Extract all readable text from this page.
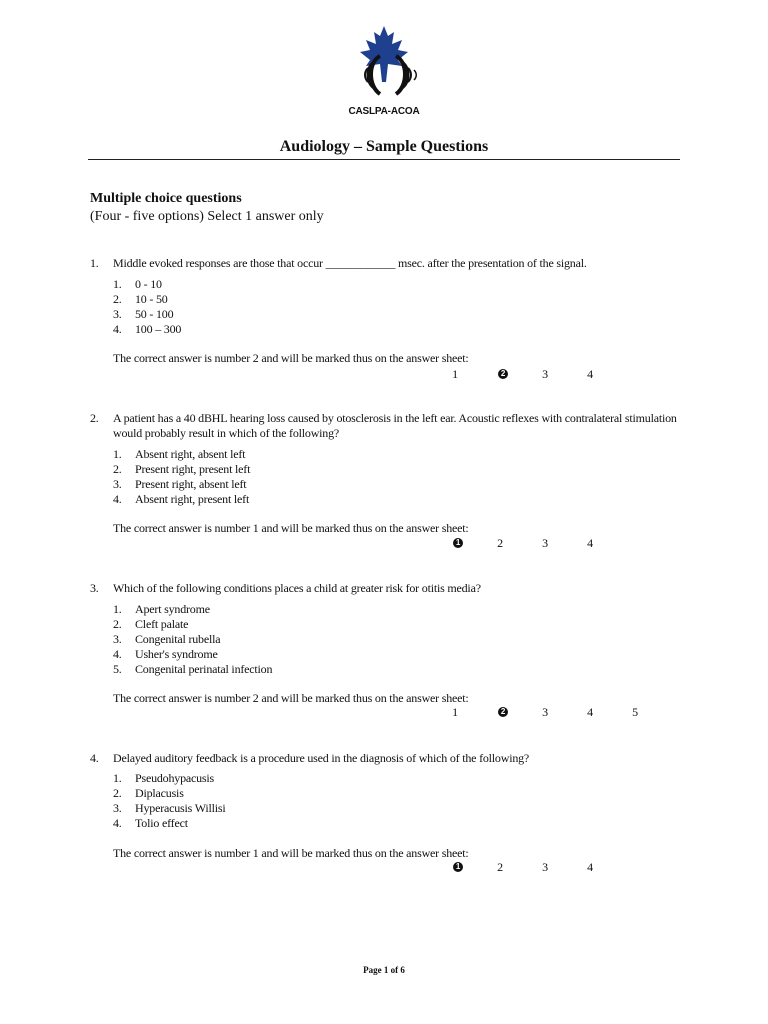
CASLPA-ACOA
Audiology – Sample Questions
Multiple choice questions
(Four - five options) Select 1 answer only
1. Middle evoked responses are those that occur ____________ msec. after the presentation of the signal.
1. 0 - 10
2. 10 - 50
3. 50 - 100
4. 100 – 300
The correct answer is number 2 and will be marked thus on the answer sheet:
1	2	3	4
2. A patient has a 40 dBHL hearing loss caused by otosclerosis in the left ear. Acoustic reflexes with contralateral stimulation would probably result in which of the following?
1. Absent right, absent left
2. Present right, present left
3. Present right, absent left
4. Absent right, present left
The correct answer is number 1 and will be marked thus on the answer sheet:
1	2	3	4
3. Which of the following conditions places a child at greater risk for otitis media?
1. Apert syndrome
2. Cleft palate
3. Congenital rubella
4. Usher's syndrome
5. Congenital perinatal infection
The correct answer is number 2 and will be marked thus on the answer sheet:
1	2	3	4	5
4. Delayed auditory feedback is a procedure used in the diagnosis of which of the following?
1. Pseudohypacusis
2. Diplacusis
3. Hyperacusis Willisi
4. Tolio effect
The correct answer is number 1 and will be marked thus on the answer sheet:
1	2	3	4
Page 1 of 6
